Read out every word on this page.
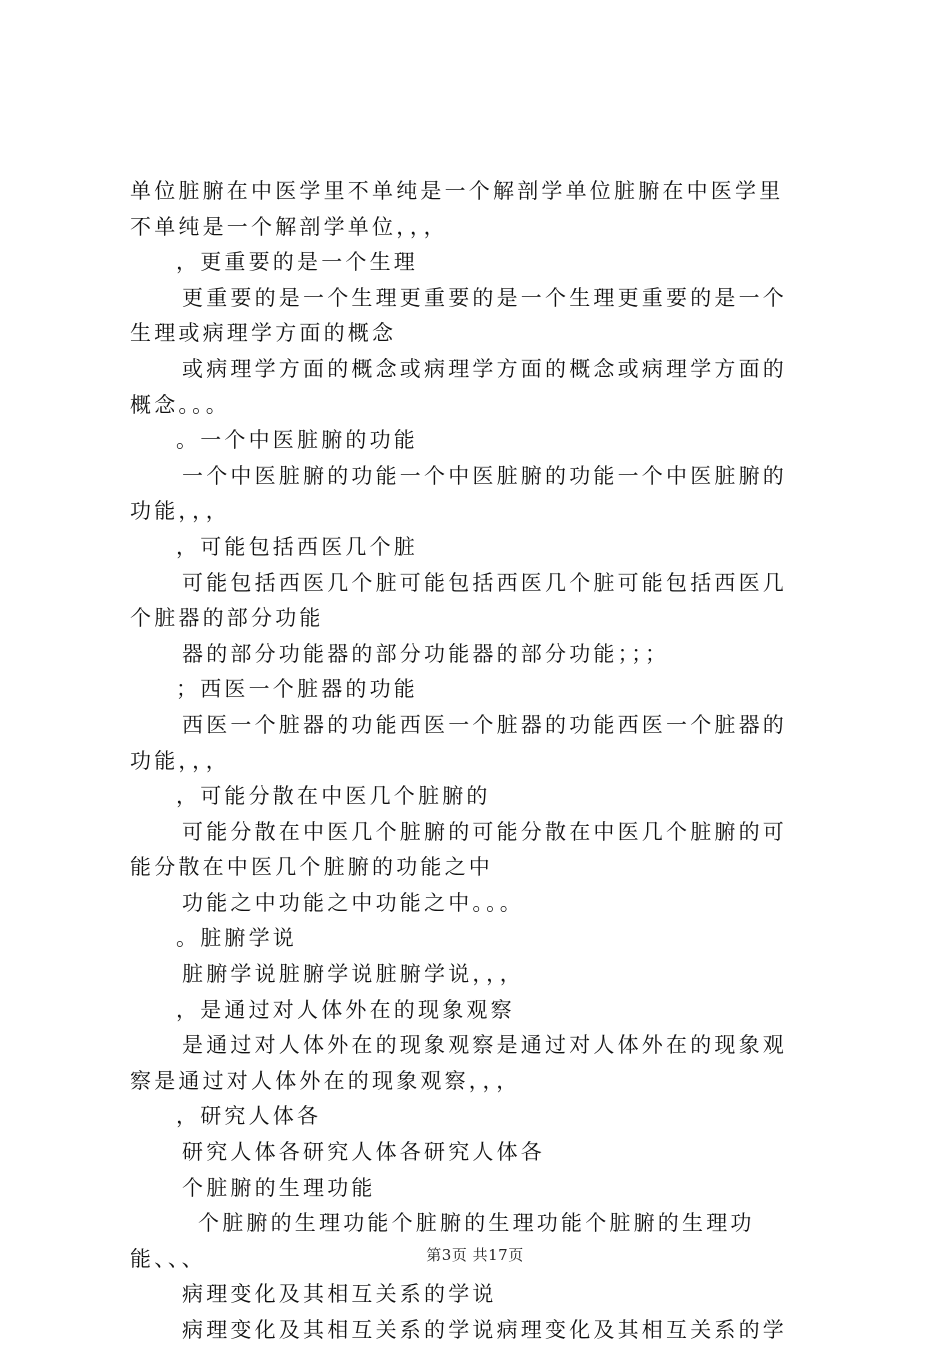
单位脏腑在中医学里不单纯是一个解剖学单位脏腑在中医学里
不单纯是一个解剖学单位，，，
，更重要的是一个生理
更重要的是一个生理更重要的是一个生理更重要的是一个
生理或病理学方面的概念
或病理学方面的概念或病理学方面的概念或病理学方面的
概念。。。
。一个中医脏腑的功能
一个中医脏腑的功能一个中医脏腑的功能一个中医脏腑的
功能，，，
，可能包括西医几个脏
可能包括西医几个脏可能包括西医几个脏可能包括西医几
个脏器的部分功能
器的部分功能器的部分功能器的部分功能；；；
；西医一个脏器的功能
西医一个脏器的功能西医一个脏器的功能西医一个脏器的
功能，，，
，可能分散在中医几个脏腑的
可能分散在中医几个脏腑的可能分散在中医几个脏腑的可
能分散在中医几个脏腑的功能之中
功能之中功能之中功能之中。。。
。脏腑学说
脏腑学说脏腑学说脏腑学说，，，
，是通过对人体外在的现象观察
是通过对人体外在的现象观察是通过对人体外在的现象观
察是通过对人体外在的现象观察，，，
，研究人体各
研究人体各研究人体各研究人体各
个脏腑的生理功能
个脏腑的生理功能个脏腑的生理功能个脏腑的生理功
能、、、
病理变化及其相互关系的学说
病理变化及其相互关系的学说病理变化及其相互关系的学
第3页 共17页
